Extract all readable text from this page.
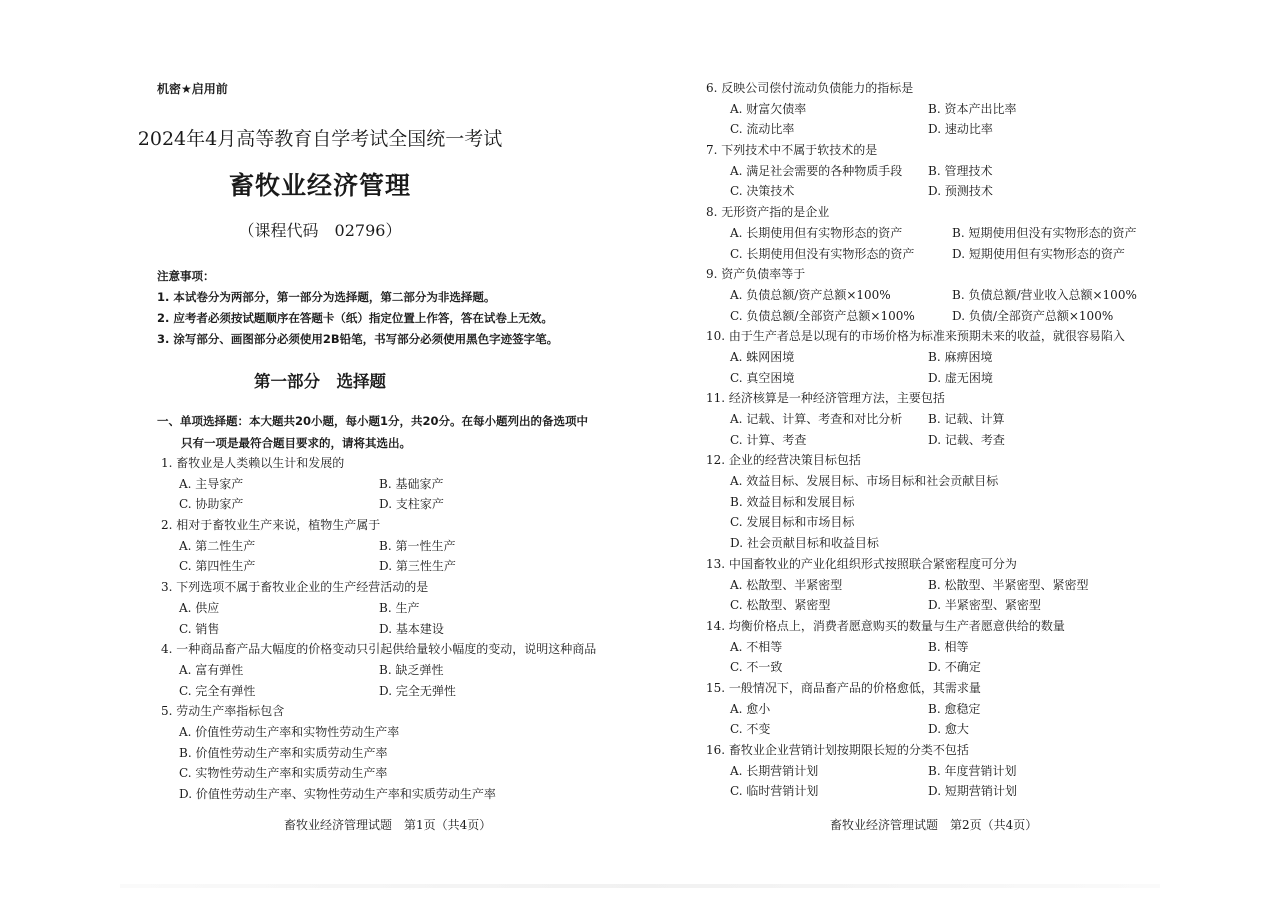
机密★启用前
2024年4月高等教育自学考试全国统一考试
畜牧业经济管理
（课程代码　02796）
注意事项：
1. 本试卷分为两部分，第一部分为选择题，第二部分为非选择题。
2. 应考者必须按试题顺序在答题卡（纸）指定位置上作答，答在试卷上无效。
3. 涂写部分、画图部分必须使用2B铅笔，书写部分必须使用黑色字迹签字笔。
第一部分　选择题
一、单项选择题：本大题共20小题，每小题1分，共20分。在每小题列出的备选项中
只有一项是最符合题目要求的，请将其选出。
1. 畜牧业是人类赖以生计和发展的
A. 主导家产	B. 基础家产
C. 协助家产	D. 支柱家产
2. 相对于畜牧业生产来说，植物生产属于
A. 第二性生产	B. 第一性生产
C. 第四性生产	D. 第三性生产
3. 下列选项不属于畜牧业企业的生产经营活动的是
A. 供应	B. 生产
C. 销售	D. 基本建设
4. 一种商品畜产品大幅度的价格变动只引起供给量较小幅度的变动，说明这种商品
A. 富有弹性	B. 缺乏弹性
C. 完全有弹性	D. 完全无弹性
5. 劳动生产率指标包含
A. 价值性劳动生产率和实物性劳动生产率
B. 价值性劳动生产率和实质劳动生产率
C. 实物性劳动生产率和实质劳动生产率
D. 价值性劳动生产率、实物性劳动生产率和实质劳动生产率
畜牧业经济管理试题　第1页（共4页）
6. 反映公司偿付流动负债能力的指标是
A. 财富欠债率	B. 资本产出比率
C. 流动比率	D. 速动比率
7. 下列技术中不属于软技术的是
A. 满足社会需要的各种物质手段	B. 管理技术
C. 决策技术	D. 预测技术
8. 无形资产指的是企业
A. 长期使用但有实物形态的资产	B. 短期使用但没有实物形态的资产
C. 长期使用但没有实物形态的资产	D. 短期使用但有实物形态的资产
9. 资产负债率等于
A. 负债总额/资产总额×100%	B. 负债总额/营业收入总额×100%
C. 负债总额/全部资产总额×100%	D. 负债/全部资产总额×100%
10. 由于生产者总是以现有的市场价格为标准来预期未来的收益，就很容易陷入
A. 蛛网困境	B. 麻痹困境
C. 真空困境	D. 虚无困境
11. 经济核算是一种经济管理方法，主要包括
A. 记载、计算、考查和对比分析	B. 记载、计算
C. 计算、考查	D. 记载、考查
12. 企业的经营决策目标包括
A. 效益目标、发展目标、市场目标和社会贡献目标
B. 效益目标和发展目标
C. 发展目标和市场目标
D. 社会贡献目标和收益目标
13. 中国畜牧业的产业化组织形式按照联合紧密程度可分为
A. 松散型、半紧密型	B. 松散型、半紧密型、紧密型
C. 松散型、紧密型	D. 半紧密型、紧密型
14. 均衡价格点上，消费者愿意购买的数量与生产者愿意供给的数量
A. 不相等	B. 相等
C. 不一致	D. 不确定
15. 一般情况下，商品畜产品的价格愈低，其需求量
A. 愈小	B. 愈稳定
C. 不变	D. 愈大
16. 畜牧业企业营销计划按期限长短的分类不包括
A. 长期营销计划	B. 年度营销计划
C. 临时营销计划	D. 短期营销计划
畜牧业经济管理试题　第2页（共4页）
